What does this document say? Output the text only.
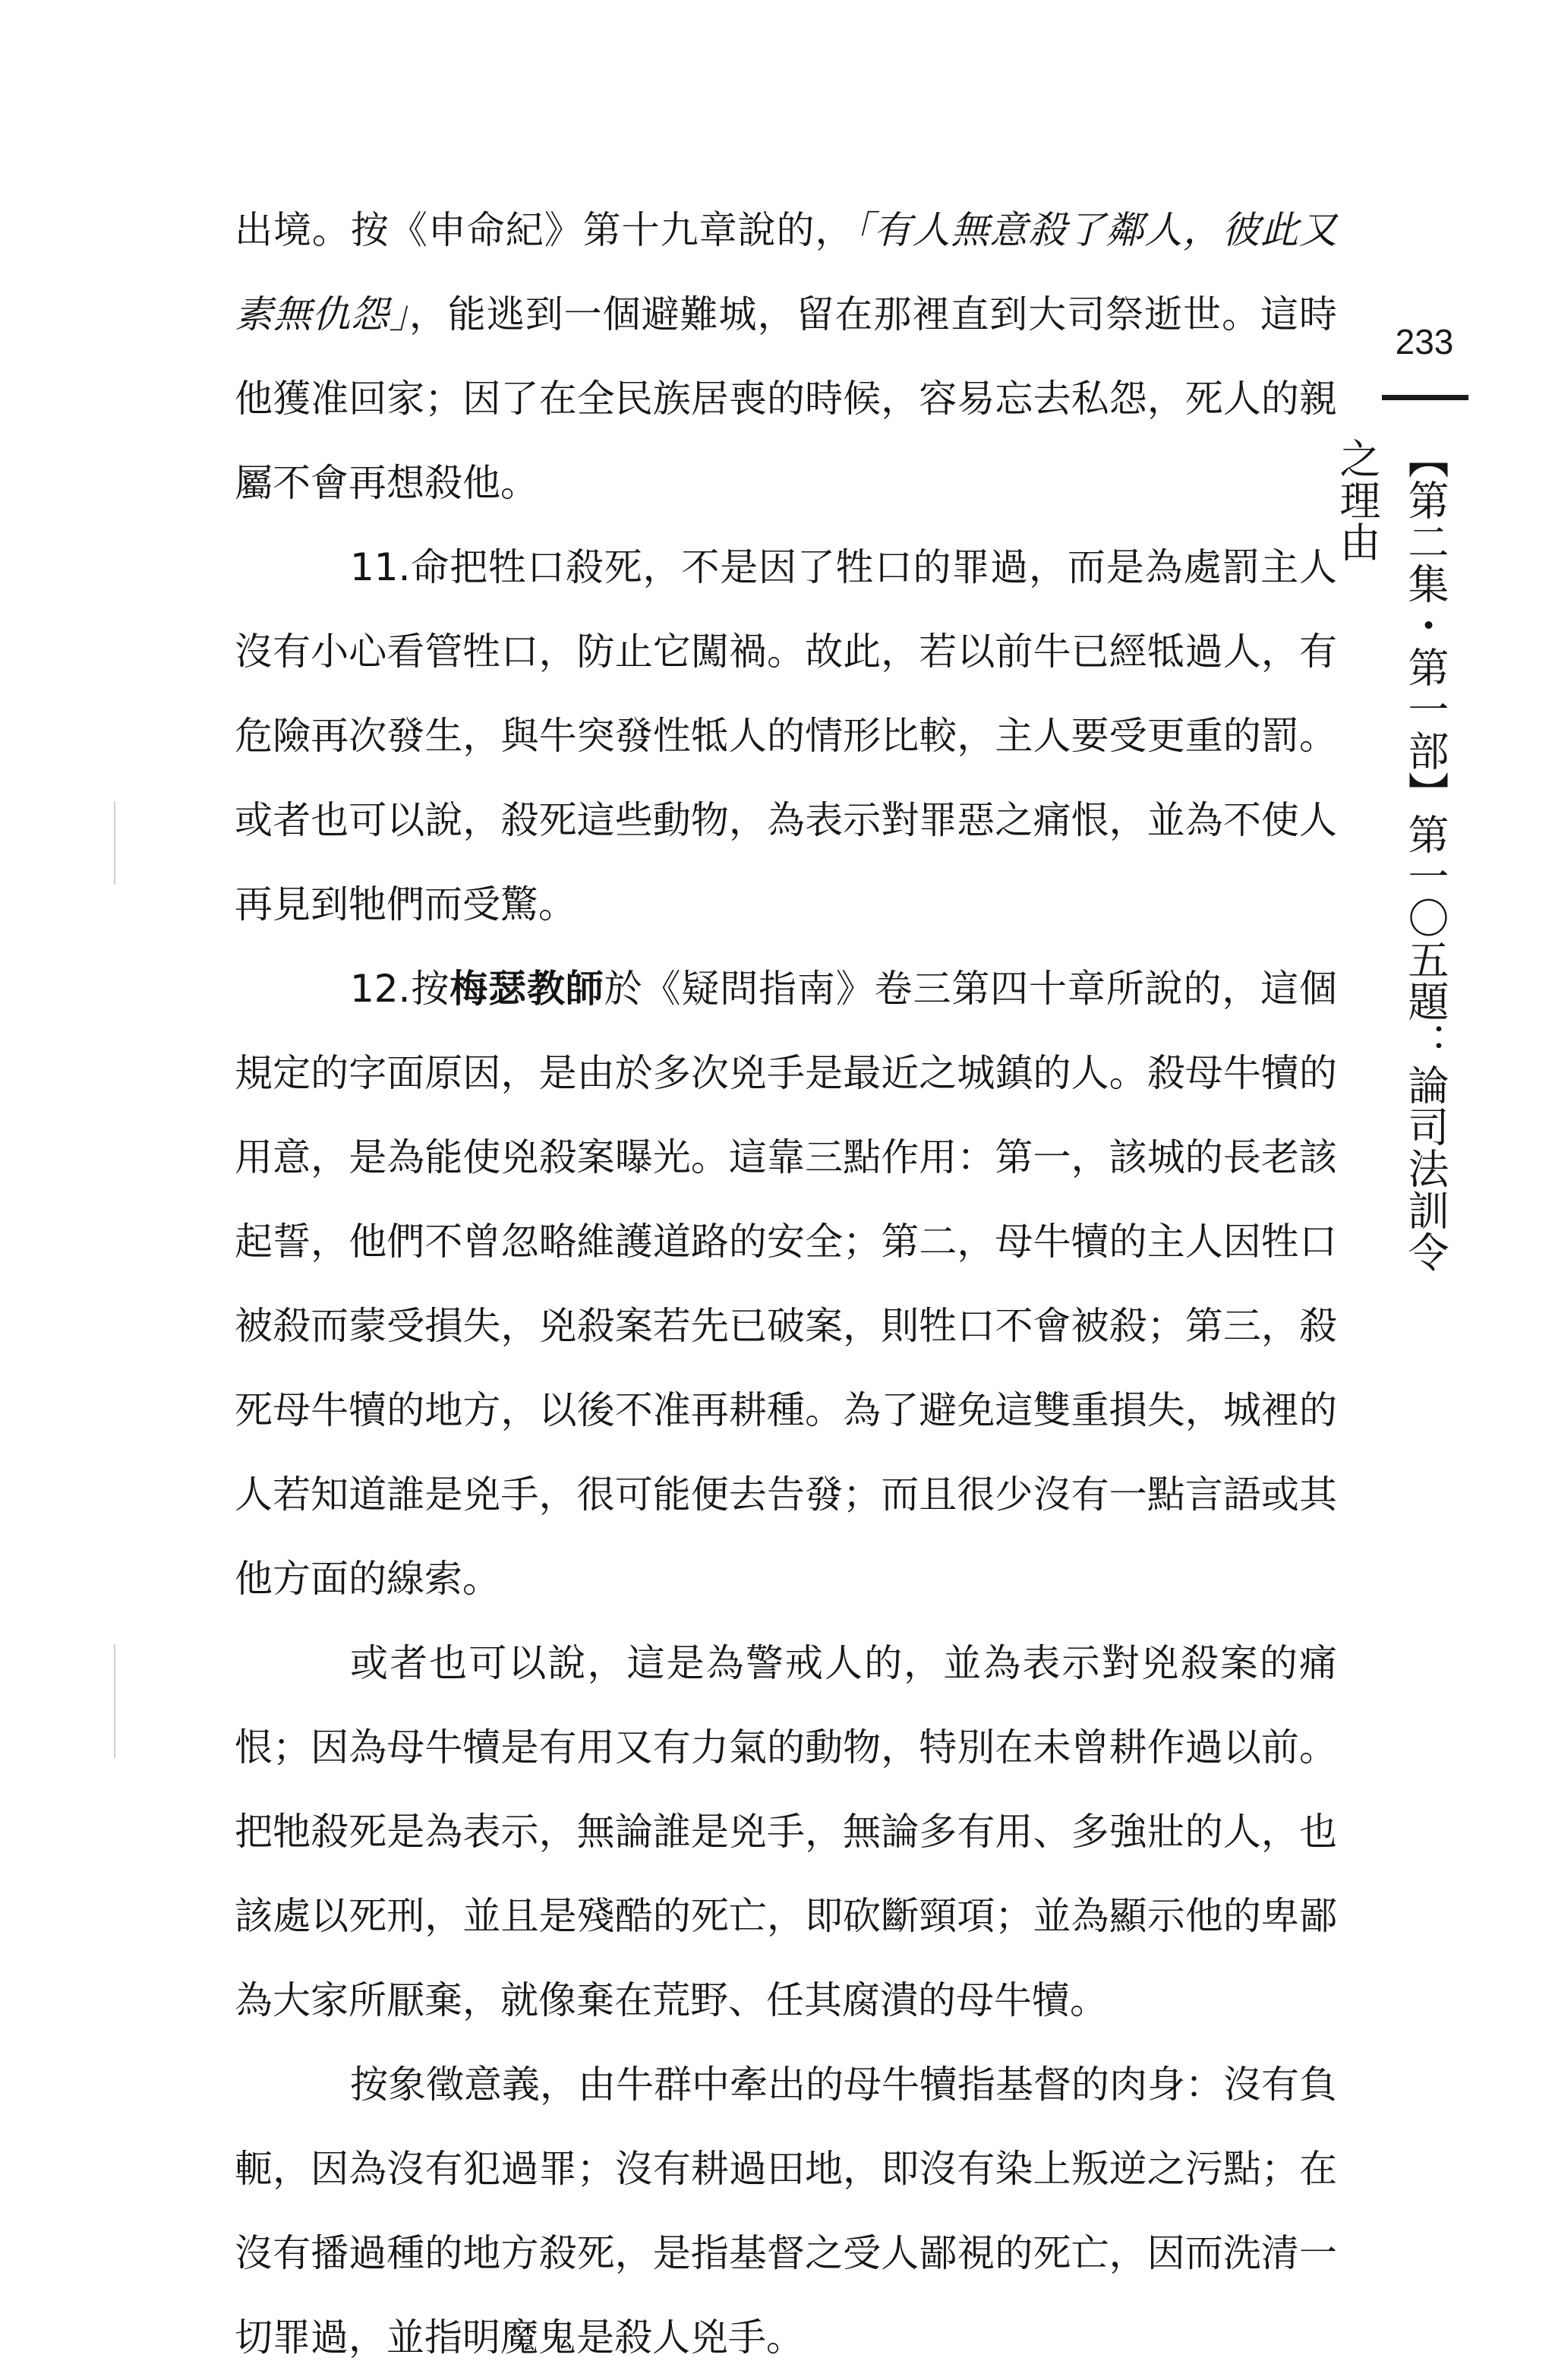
出境。按《申命紀》第十九章說的，「有人無意殺了鄰人，彼此又素無仇怨」，能逃到一個避難城，留在那裡直到大司祭逝世。這時他獲准回家；因了在全民族居喪的時候，容易忘去私怨，死人的親屬不會再想殺他。

11.命把牲口殺死，不是因了牲口的罪過，而是為處罰主人沒有小心看管牲口，防止它闖禍。故此，若以前牛已經牴過人，有危險再次發生，與牛突發性牴人的情形比較，主人要受更重的罰。或者也可以說，殺死這些動物，為表示對罪惡之痛恨，並為不使人再見到牠們而受驚。

12.按梅瑟教師於《疑問指南》卷三第四十章所說的，這個規定的字面原因，是由於多次兇手是最近之城鎮的人。殺母牛犢的用意，是為能使兇殺案曝光。這靠三點作用：第一，該城的長老該起誓，他們不曾忽略維護道路的安全；第二，母牛犢的主人因牲口被殺而蒙受損失，兇殺案若先已破案，則牲口不會被殺；第三，殺死母牛犢的地方，以後不准再耕種。為了避免這雙重損失，城裡的人若知道誰是兇手，很可能便去告發；而且很少沒有一點言語或其他方面的線索。

或者也可以說，這是為警戒人的，並為表示對兇殺案的痛恨；因為母牛犢是有用又有力氣的動物，特別在未曾耕作過以前。把牠殺死是為表示，無論誰是兇手，無論多有用、多強壯的人，也該處以死刑，並且是殘酷的死亡，即砍斷頸項；並為顯示他的卑鄙為大家所厭棄，就像棄在荒野、任其腐潰的母牛犢。

按象徵意義，由牛群中牽出的母牛犢指基督的肉身：沒有負軛，因為沒有犯過罪；沒有耕過田地，即沒有染上叛逆之污點；在沒有播過種的地方殺死，是指基督之受人鄙視的死亡，因而洗清一切罪過，並指明魔鬼是殺人兇手。

233
【第二集・第一部】第一〇五題：論司法訓令之理由
